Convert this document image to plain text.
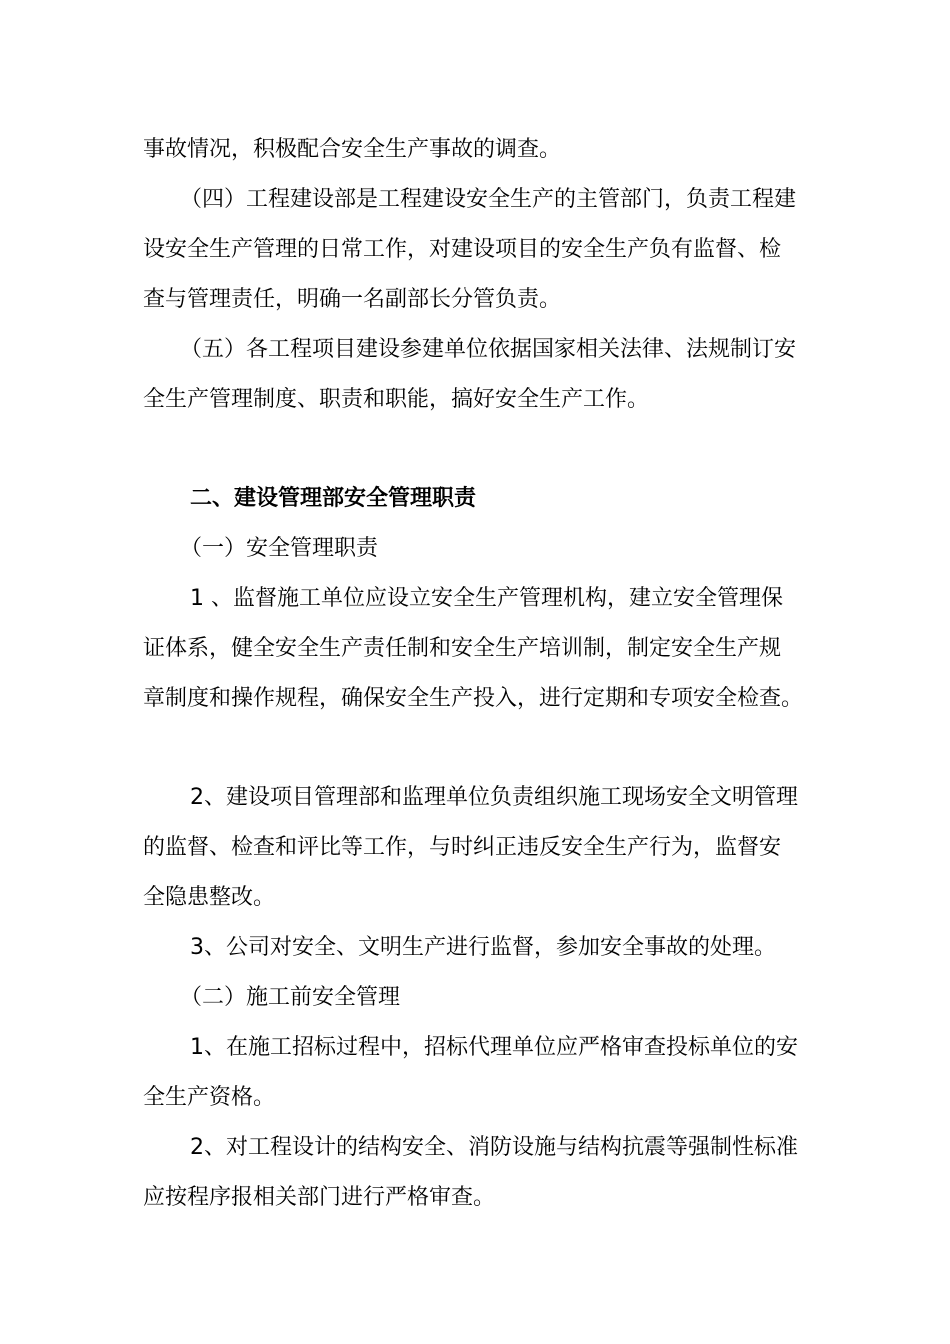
事故情况，积极配合安全生产事故的调查。
（四）工程建设部是工程建设安全生产的主管部门，负责工程建
设安全生产管理的日常工作，对建设项目的安全生产负有监督、检
查与管理责任，明确一名副部长分管负责。
（五）各工程项目建设参建单位依据国家相关法律、法规制订安
全生产管理制度、职责和职能，搞好安全生产工作。
二、建设管理部安全管理职责
（一）安全管理职责
1 、监督施工单位应设立安全生产管理机构，建立安全管理保
证体系，健全安全生产责任制和安全生产培训制，制定安全生产规
章制度和操作规程，确保安全生产投入，进行定期和专项安全检查。
2、建设项目管理部和监理单位负责组织施工现场安全文明管理
的监督、检查和评比等工作，与时纠正违反安全生产行为，监督安
全隐患整改。
3、公司对安全、文明生产进行监督，参加安全事故的处理。
（二）施工前安全管理
1、在施工招标过程中，招标代理单位应严格审查投标单位的安
全生产资格。
2、对工程设计的结构安全、消防设施与结构抗震等强制性标准
应按程序报相关部门进行严格审查。
